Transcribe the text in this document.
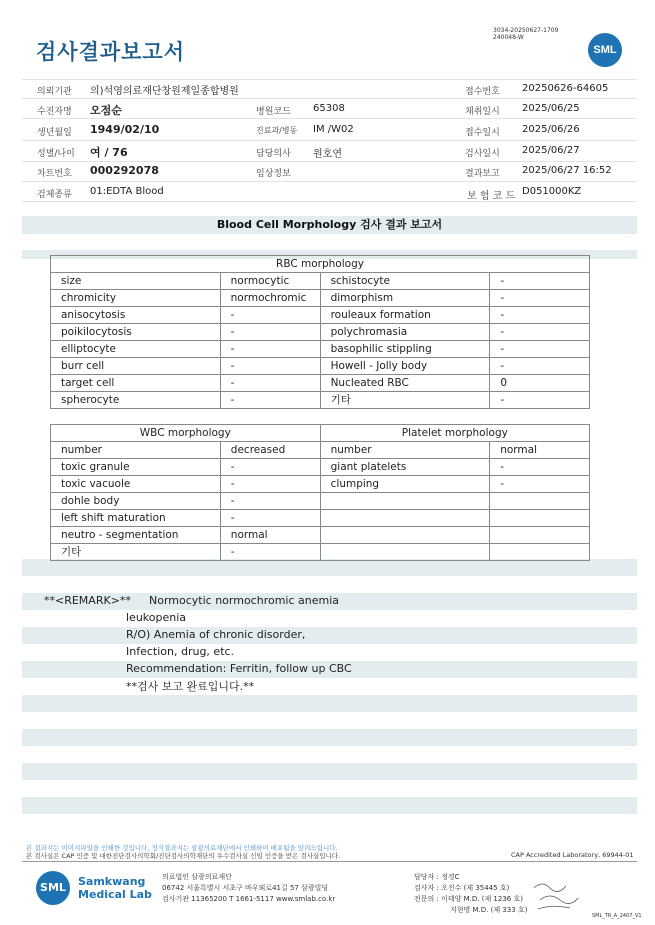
검사결과보고서
3034-20250627-1709
240048-W
SML
의뢰기관 의)석영의료재단창원제일종합병원	접수번호 20250626-64605
수진자명 오점순	병원코드 65308	채취일시 2025/06/25
생년월일 1949/02/10	진료과/병동 IM /W02	접수일시 2025/06/26
성별/나이 여 / 76	담당의사 원호연	검사일시 2025/06/27
차트번호 000292078	임상정보	결과보고 2025/06/27 16:52
검체종류 01:EDTA Blood	보 험 코 드 D051000KZ
Blood Cell Morphology 검사 결과 보고서
RBC morphology			
size	normocytic	schistocyte	-
chromicity	normochromic	dimorphism	-
anisocytosis	-	rouleaux formation	-
poikilocytosis	-	polychromasia	-
elliptocyte	-	basophilic stippling	-
burr cell	-	Howell - Jolly body	-
target cell	-	Nucleated RBC	0
spherocyte	-	기타	-
WBC morphology		Platelet morphology	
number	decreased	number	normal
toxic granule	-	giant platelets	-
toxic vacuole	-	clumping	-
dohle body	-		
left shift maturation	-		
neutro - segmentation	normal		
기타	-		
**<REMARK>** Normocytic normochromic anemia
leukopenia
R/O) Anemia of chronic disorder,
Infection, drug, etc.
Recommendation: Ferritin, follow up CBC
**검사 보고 완료입니다.**
본 결과지는 이미지파일을 인쇄한 것입니다. 정식결과지는 삼광의료재단에서 인쇄하여 배포됨을 알려드립니다.
본 검사실은 CAP 인증 및 대한진단검사의학회/진단검사의학재단의 우수검사실 신임 인증을 받은 검사실입니다.	CAP Accredited Laboratory, 69944-01
SML	Samkwang
Medical Lab
의료법인 삼광의료재단
06742 서울특별시 서초구 바우뫼로41길 57 삼광빌딩
검사기관 11365200 T 1661-5117 www.smlab.co.kr
담당자 : 정경C
검사자 : 오진수 (제 35445 호)
전문의 : 이태양 M.D. (제 1236 호)
지현명 M.D. (제 333 호)
SML_TR_A_2407_V1
